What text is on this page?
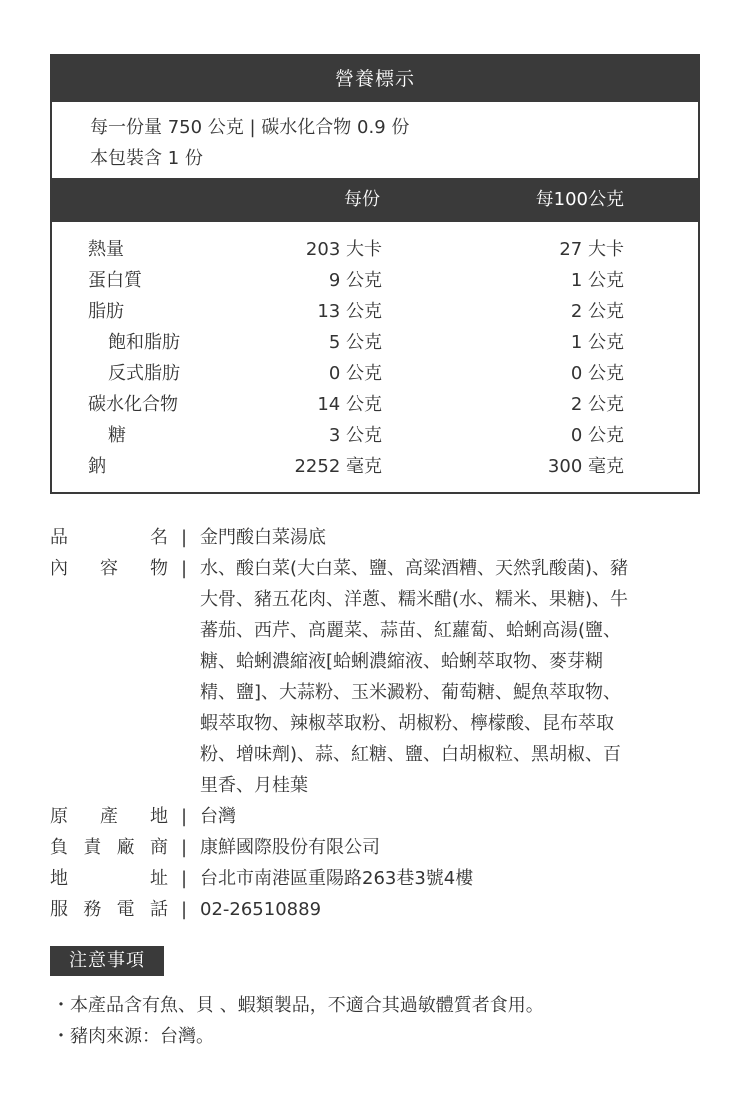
營養標示
每一份量 750 公克 | 碳水化合物 0.9 份
本包裝含 1 份
每份	每100公克
熱量	203 大卡	27 大卡
蛋白質	9 公克	1 公克
脂肪	13 公克	2 公克
飽和脂肪	5 公克	1 公克
反式脂肪	0 公克	0 公克
碳水化合物	14 公克	2 公克
糖	3 公克	0 公克
鈉	2252 毫克	300 毫克
品	名 | 金門酸白菜湯底
內 容 物 | 水、酸白菜(大白菜、鹽、高粱酒糟、天然乳酸菌)、豬
大骨、豬五花肉、洋蔥、糯米醋(水、糯米、果糖)、牛
蕃茄、西芹、高麗菜、蒜苗、紅蘿蔔、蛤蜊高湯(鹽、
糖、蛤蜊濃縮液[蛤蜊濃縮液、蛤蜊萃取物、麥芽糊
精、鹽]、大蒜粉、玉米澱粉、葡萄糖、鯷魚萃取物、
蝦萃取物、辣椒萃取粉、胡椒粉、檸檬酸、昆布萃取
粉、增味劑)、蒜、紅糖、鹽、白胡椒粒、黑胡椒、百
里香、月桂葉
原 產 地 | 台灣
負 責 廠 商 | 康鮮國際股份有限公司
地	址 | 台北市南港區重陽路263巷3號4樓
服 務 電 話 | 02-26510889
注意事項
・本產品含有魚、貝 、蝦類製品，不適合其過敏體質者食用。
・豬肉來源：台灣。
